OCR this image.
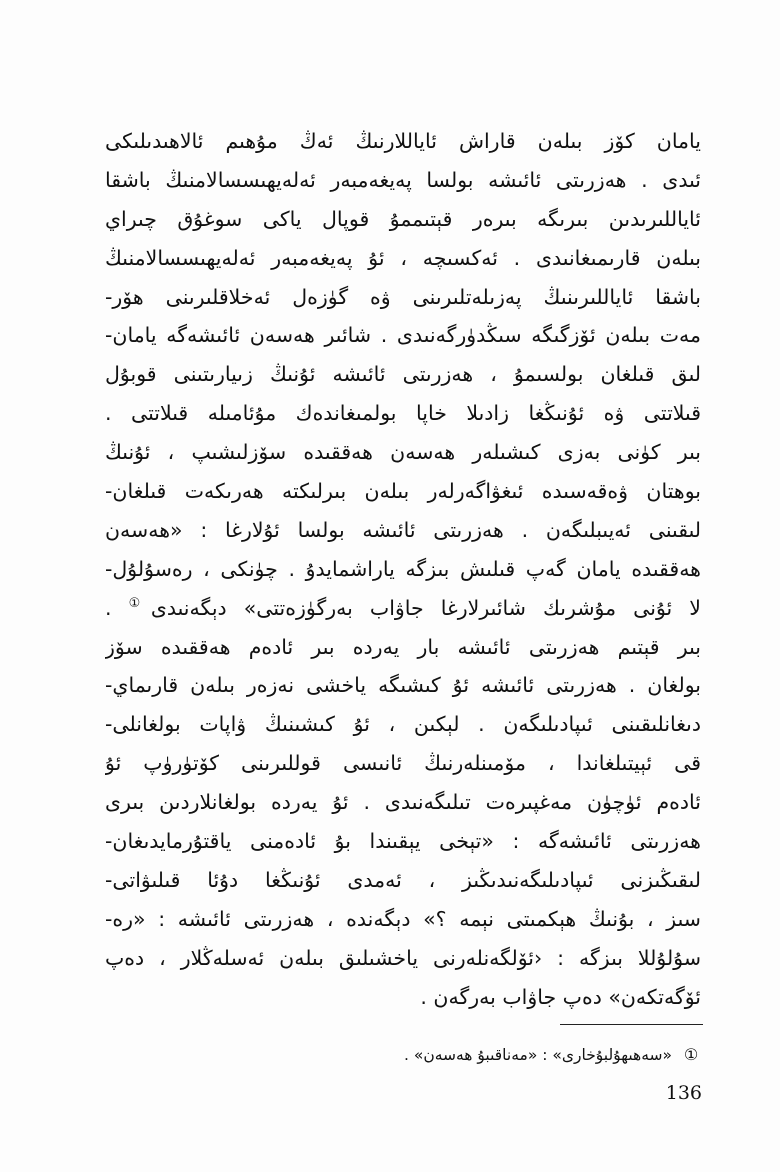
يامان كۆز بىلەن قاراش ئاياللارنىڭ ئەڭ مۇھىم ئالاھىدىلىكى
ئىدى . ھەزرىتى ئائىشە بولسا پەيغەمبەر ئەلەيھىسسالامنىڭ باشقا
ئاياللىرىدىن بىرىگە بىرەر قېتىممۇ قوپال ياكى سوغۇق چىراي
بىلەن قارىمىغانىدى . ئەكسىچە ، ئۇ پەيغەمبەر ئەلەيھىسسالامنىڭ
باشقا ئاياللىرىنىڭ پەزىلەتلىرىنى ۋە گۈزەل ئەخلاقلىرىنى ھۆر-
مەت بىلەن ئۆزگىگە سىڭدۈرگەنىدى . شائىر ھەسەن ئائىشەگە يامان-
لىق قىلغان بولسىمۇ ، ھەزرىتى ئائىشە ئۇنىڭ زىيارىتىنى قوبۇل
قىلاتتى ۋە ئۇنىڭغا زادىلا خاپا بولمىغاندەك مۇئامىلە قىلاتتى .
بىر كۈنى بەزى كىشىلەر ھەسەن ھەققىدە سۆزلىشىپ ، ئۇنىڭ
بوھتان ۋەقەسىدە ئىغۋاگەرلەر بىلەن بىرلىكتە ھەرىكەت قىلغان-
لىقىنى ئەيىبلىگەن . ھەزرىتى ئائىشە بولسا ئۇلارغا : «ھەسەن
ھەققىدە يامان گەپ قىلىش بىزگە ياراشمايدۇ . چۈنكى ، رەسۇلۇل-
لا ئۇنى مۇشرىك شائىرلارغا جاۋاب بەرگۈزەتتى» دېگەنىدى① .
بىر قېتىم ھەزرىتى ئائىشە بار يەردە بىر ئادەم ھەققىدە سۆز
بولغان . ھەزرىتى ئائىشە ئۇ كىشىگە ياخشى نەزەر بىلەن قارىماي-
دىغانلىقىنى ئىپادىلىگەن . لېكىن ، ئۇ كىشىنىڭ ۋاپات بولغانلى-
قى ئېيتىلغاندا ، مۆمىنلەرنىڭ ئانىسى قوللىرىنى كۆتۈرۈپ ئۇ
ئادەم ئۈچۈن مەغپىرەت تىلىگەنىدى . ئۇ يەردە بولغانلاردىن بىرى
ھەزرىتى ئائىشەگە : «تېخى يېقىندا بۇ ئادەمنى ياقتۇرمايدىغان-
لىقىڭىزنى ئىپادىلىگەنىدىڭىز ، ئەمدى ئۇنىڭغا دۇئا قىلىۋاتى-
سىز ، بۇنىڭ ھېكمىتى نېمە ؟» دېگەندە ، ھەزرىتى ئائىشە : «رە-
سۇلۇللا بىزگە : ‹ئۆلگەنلەرنى ياخشىلىق بىلەن ئەسلەڭلار ، دەپ
ئۆگەتكەن» دەپ جاۋاب بەرگەن .
①
«سەھىھۇلبۇخارى» : «مەناقىبۇ ھەسەن» .
136
